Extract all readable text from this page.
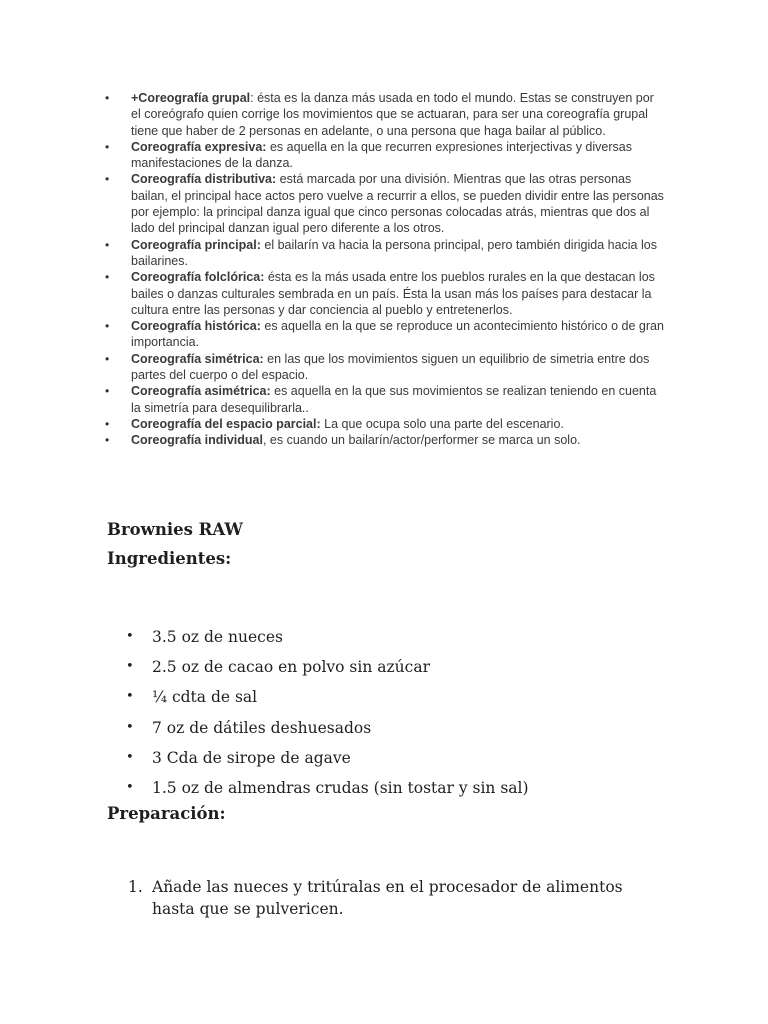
•	+Coreografía grupal: ésta es la danza más usada en todo el mundo. Estas se construyen por el coreógrafo quien corrige los movimientos que se actuaran, para ser una coreografía grupal tiene que haber de 2 personas en adelante, o una persona que haga bailar al público.
•	Coreografía expresiva: es aquella en la que recurren expresiones interjectivas y diversas manifestaciones de la danza.
•	Coreografía distributiva: está marcada por una división. Mientras que las otras personas bailan, el principal hace actos pero vuelve a recurrir a ellos, se pueden dividir entre las personas por ejemplo: la principal danza igual que cinco personas colocadas atrás, mientras que dos al lado del principal danzan igual pero diferente a los otros.
•	Coreografía principal: el bailarín va hacia la persona principal, pero también dirigida hacia los bailarines.
•	Coreografía folclórica: ésta es la más usada entre los pueblos rurales en la que destacan los bailes o danzas culturales sembrada en un país. Ésta la usan más los países para destacar la cultura entre las personas y dar conciencia al pueblo y entretenerlos.
•	Coreografía histórica: es aquella en la que se reproduce un acontecimiento histórico o de gran importancia.
•	Coreografía simétrica: en las que los movimientos siguen un equilibrio de simetria entre dos partes del cuerpo o del espacio.
•	Coreografía asimétrica: es aquella en la que sus movimientos se realizan teniendo en cuenta la simetría para desequilibrarla..
•	Coreografía del espacio parcial: La que ocupa solo una parte del escenario.
•	Coreografía individual, es cuando un bailarín/actor/performer se marca un solo.
Brownies RAW
Ingredientes:
• 3.5 oz de nueces
• 2.5 oz de cacao en polvo sin azúcar
• ¼ cdta de sal
• 7 oz de dátiles deshuesados
• 3 Cda de sirope de agave
• 1.5 oz de almendras crudas (sin tostar y sin sal)
Preparación:
1. Añade las nueces y tritúralas en el procesador de alimentos hasta que se pulvericen.
